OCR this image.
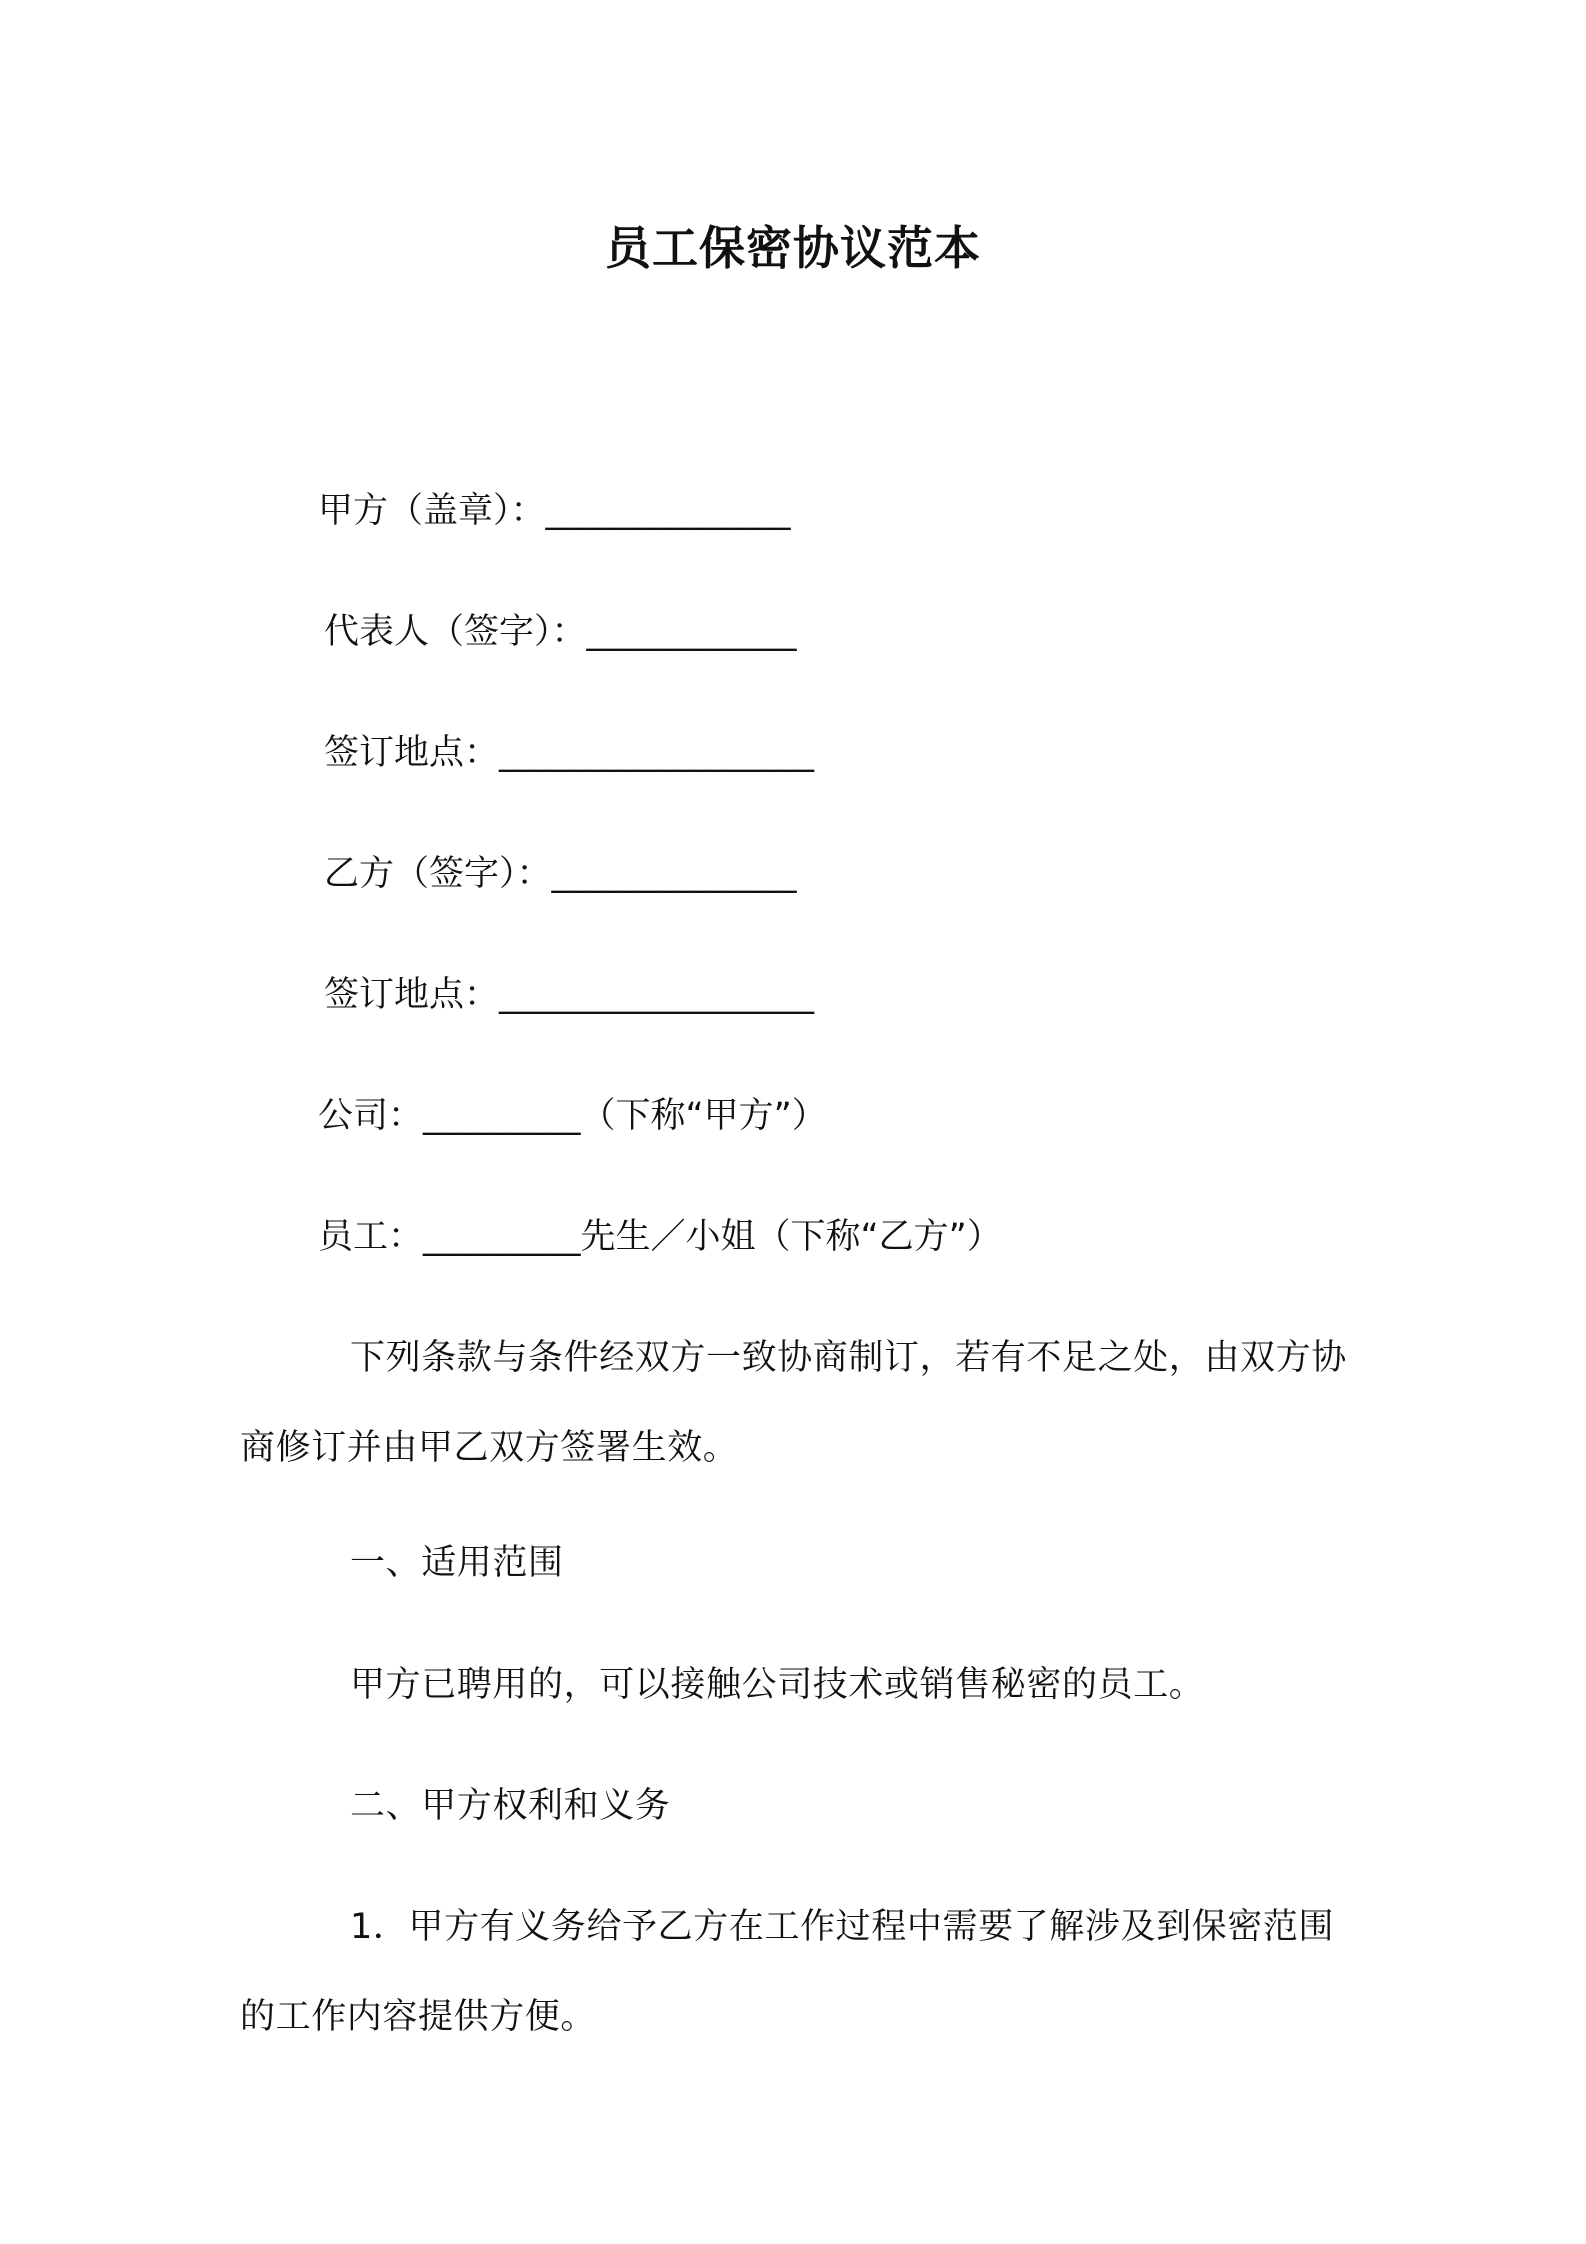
员工保密协议范本

甲方（盖章）：______________

代表人（签字）：____________

签订地点：__________________

乙方（签字）：______________

签订地点：__________________

公司：_________（下称“甲方”）

员工：_________先生／小姐（下称“乙方”）

下列条款与条件经双方一致协商制订，若有不足之处，由双方协商修订并由甲乙双方签署生效。

一、适用范围

甲方已聘用的，可以接触公司技术或销售秘密的员工。

二、甲方权利和义务

1．甲方有义务给予乙方在工作过程中需要了解涉及到保密范围的工作内容提供方便。
